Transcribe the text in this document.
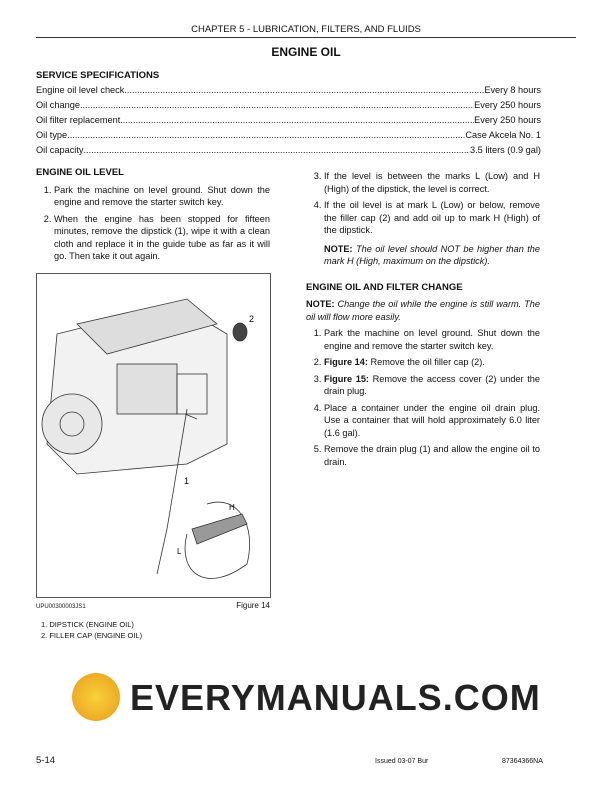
CHAPTER 5 - LUBRICATION, FILTERS, AND FLUIDS
ENGINE OIL
SERVICE SPECIFICATIONS
Engine oil level check .....	Every 8 hours
Oil change .....	Every 250 hours
Oil filter replacement .....	Every 250 hours
Oil type .....	Case Akcela No. 1
Oil capacity .....	3.5 liters (0.9 gal)
ENGINE OIL LEVEL
1. Park the machine on level ground. Shut down the engine and remove the starter switch key.
2. When the engine has been stopped for fifteen minutes, remove the dipstick (1), wipe it with a clean cloth and replace it in the guide tube as far as it will go. Then take it out again.
1
2
H
L
UPU00300003JS1	Figure 14
1. DIPSTICK (ENGINE OIL)
2. FILLER CAP (ENGINE OIL)
3. If the level is between the marks L (Low) and H (High) of the dipstick, the level is correct.
4. If the oil level is at mark L (Low) or below, remove the filler cap (2) and add oil up to mark H (High) of the dipstick.
NOTE: The oil level should NOT be higher than the mark H (High, maximum on the dipstick).
ENGINE OIL AND FILTER CHANGE
NOTE: Change the oil while the engine is still warm. The oil will flow more easily.
1. Park the machine on level ground. Shut down the engine and remove the starter switch key.
2. Figure 14: Remove the oil filler cap (2).
3. Figure 15: Remove the access cover (2) under the drain plug.
4. Place a container under the engine oil drain plug. Use a container that will hold approximately 6.0 liter (1.6 gal).
5. Remove the drain plug (1) and allow the engine oil to drain.
EVERYMANUALS.COM
5-14	Issued 03-07 Bur	87364366NA
